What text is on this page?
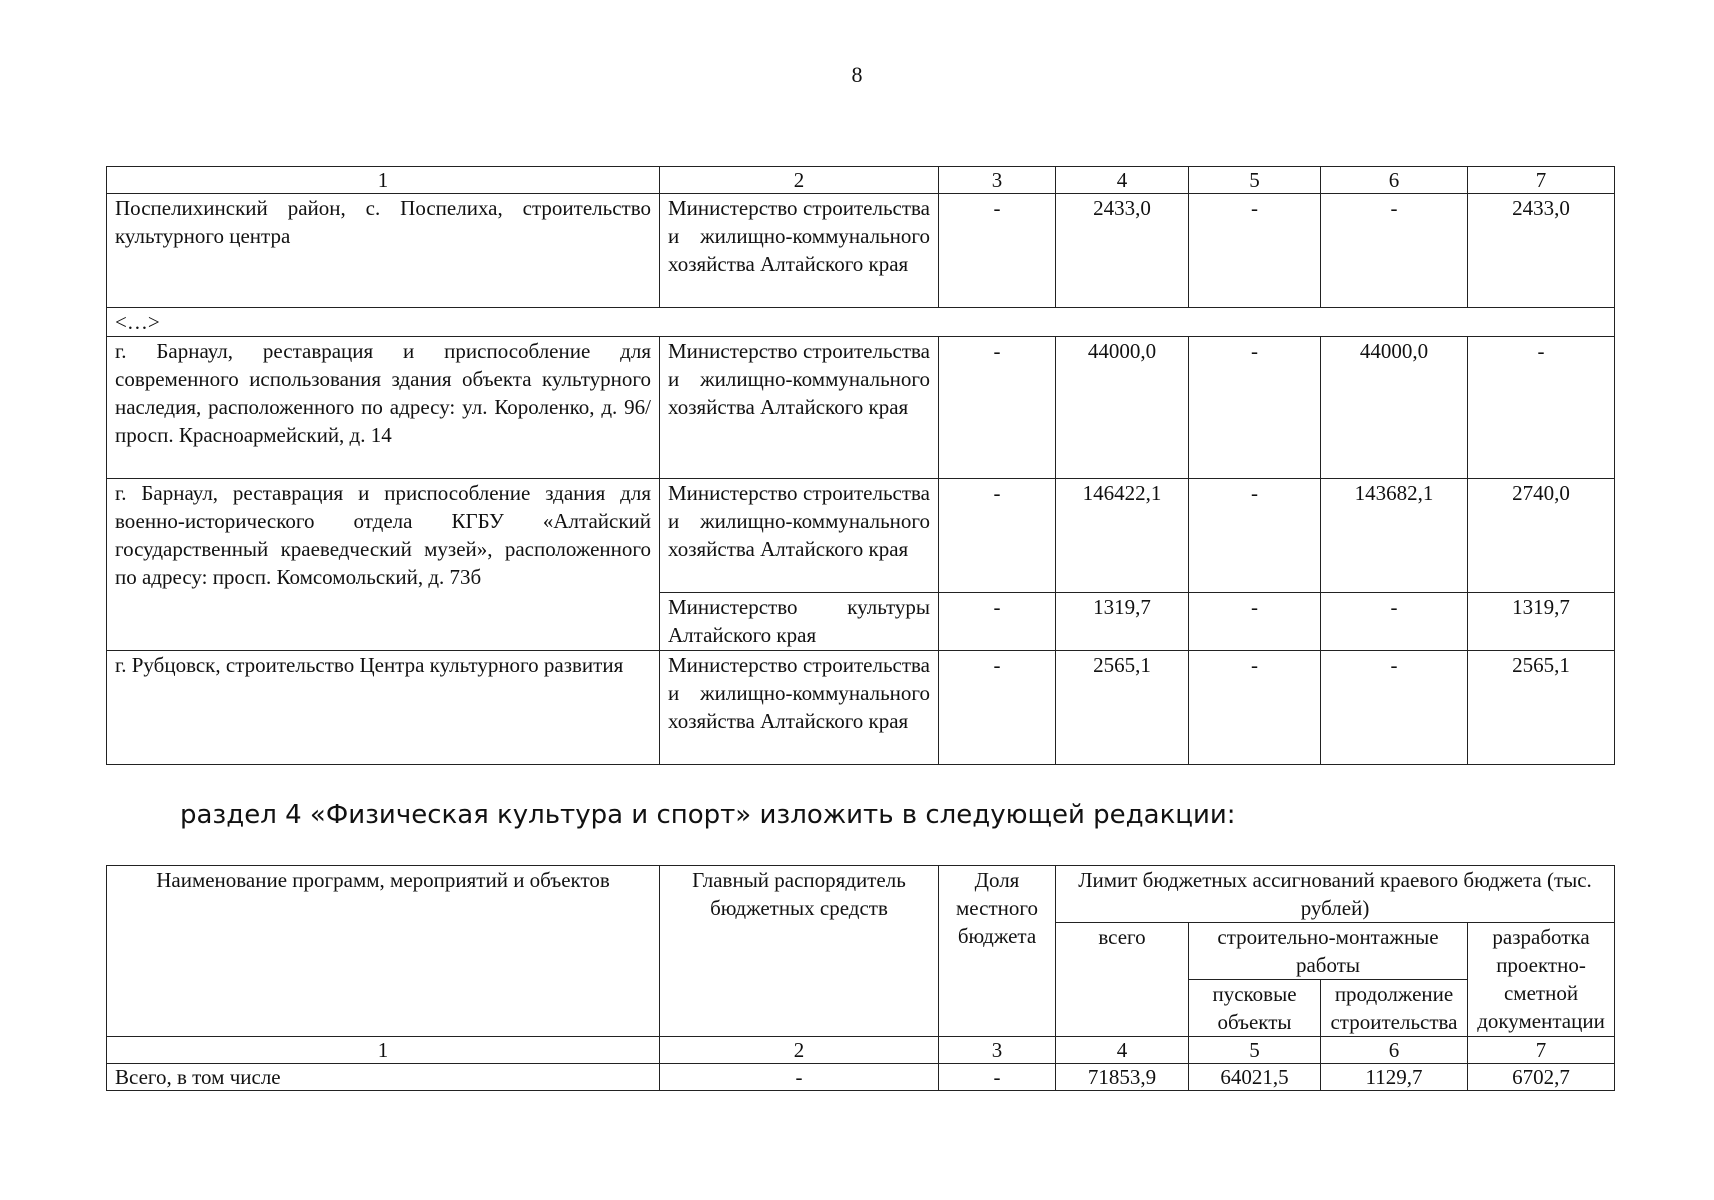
8
1	2	3	4	5	6	7
Поспелихинский район, с. Поспелиха, строительство культурного центра	Министерство строительства и жилищно-коммунального хозяйства Алтайского края	-	2433,0	-	-	2433,0
<…>						
г. Барнаул, реставрация и приспособление для современного использования здания объекта культурного наследия, расположенного по адресу: ул. Короленко, д. 96/просп. Красноармейский, д. 14	Министерство строительства и жилищно-коммунального хозяйства Алтайского края	-	44000,0	-	44000,0	-
г. Барнаул, реставрация и приспособление здания для военно-исторического отдела КГБУ «Алтайский государственный краеведческий музей», расположенного по адресу: просп. Комсомольский, д. 73б	Министерство строительства и жилищно-коммунального хозяйства Алтайского края	-	146422,1	-	143682,1	2740,0
	Министерство культуры Алтайского края	-	1319,7	-	-	1319,7
г. Рубцовск, строительство Центра культурного развития	Министерство строительства и жилищно-коммунального хозяйства Алтайского края	-	2565,1	-	-	2565,1
раздел 4 «Физическая культура и спорт» изложить в следующей редакции:
Наименование программ, мероприятий и объектов	Главный распорядитель бюджетных средств	Доля местного бюджета	Лимит бюджетных ассигнований краевого бюджета (тыс. рублей)			
			всего	строительно-монтажные работы		разработка проектно-сметной документации
				пусковые объекты	продолжение строительства	
1	2	3	4	5	6	7
Всего, в том числе	-	-	71853,9	64021,5	1129,7	6702,7
